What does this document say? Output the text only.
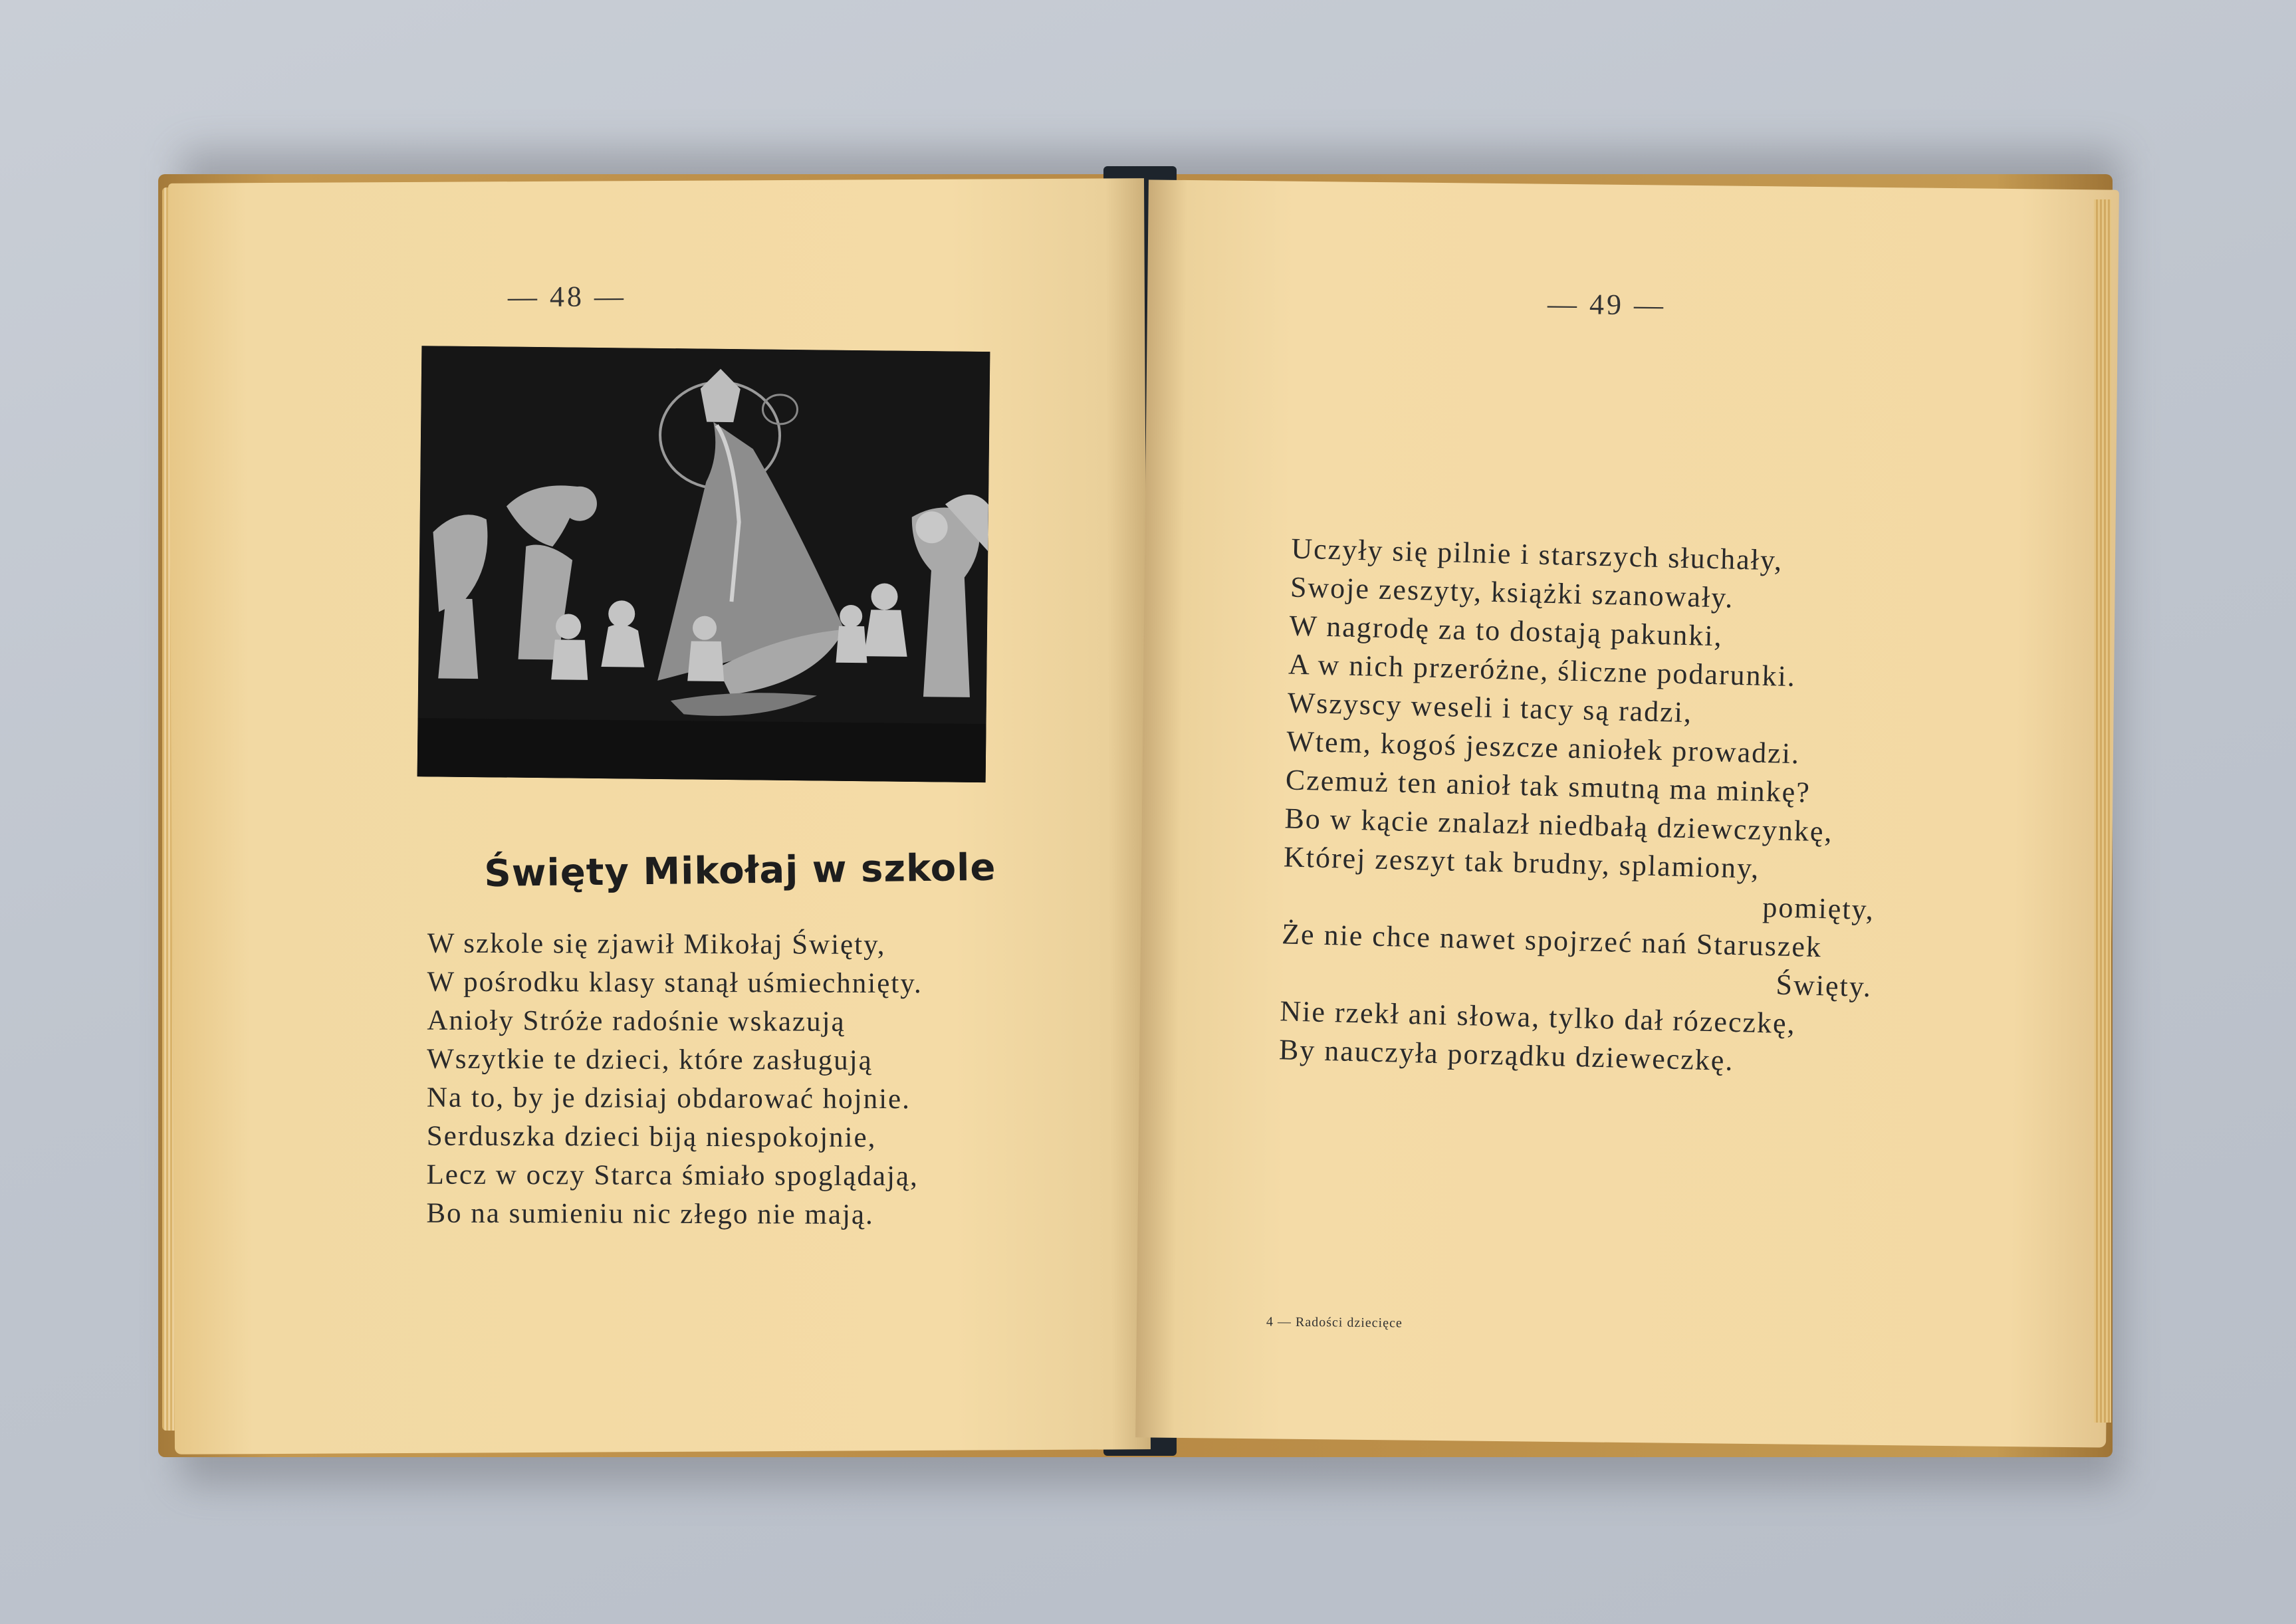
— 48 —
Święty Mikołaj w szkole
W szkole się zjawił Mikołaj Święty,
W pośrodku klasy stanął uśmiechnięty.
Anioły Stróże radośnie wskazują
Wszytkie te dzieci, które zasługują
Na to, by je dzisiaj obdarować hojnie.
Serduszka dzieci biją niespokojnie,
Lecz w oczy Starca śmiało spoglądają,
Bo na sumieniu nic złego nie mają.
— 49 —
Uczyły się pilnie i starszych słuchały,
Swoje zeszyty, książki szanowały.
W nagrodę za to dostają pakunki,
A w nich przeróżne, śliczne podarunki.
Wszyscy weseli i tacy są radzi,
Wtem, kogoś jeszcze aniołek prowadzi.
Czemuż ten anioł tak smutną ma minkę?
Bo w kącie znalazł niedbałą dziewczynkę,
Której zeszyt tak brudny, splamiony,
pomięty,
Że nie chce nawet spojrzeć nań Staruszek
Święty.
Nie rzekł ani słowa, tylko dał rózeczkę,
By nauczyła porządku dzieweczkę.
4 — Radości dziecięce
